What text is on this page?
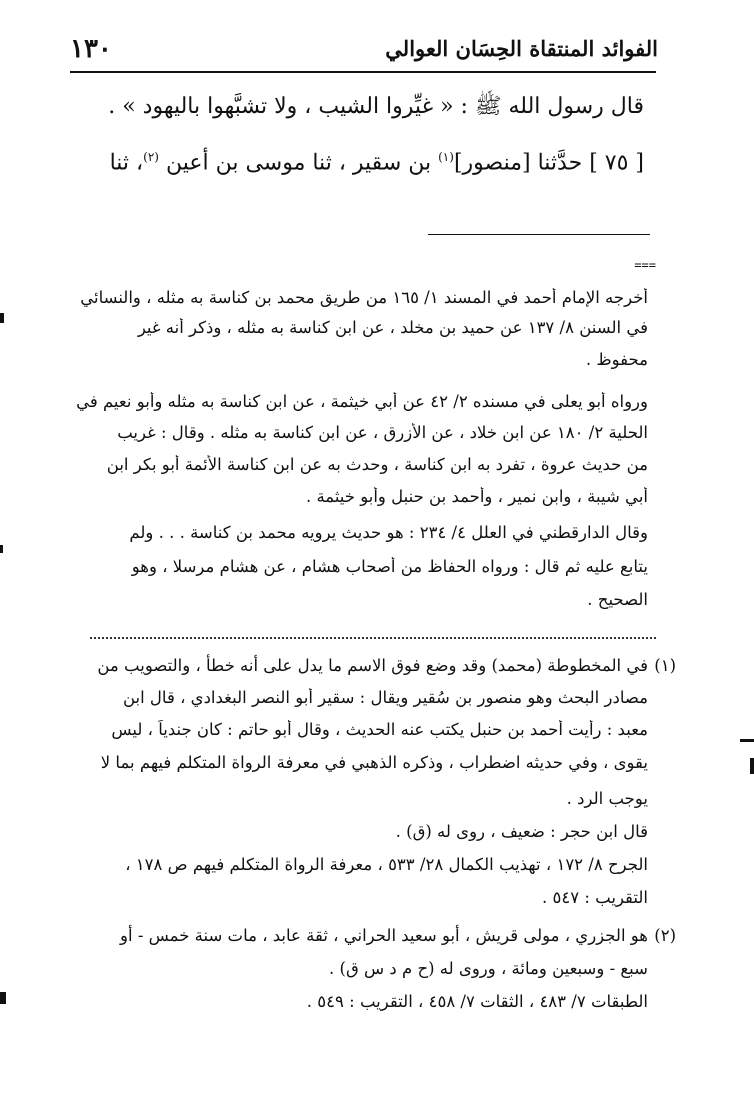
١٣٠	الفوائد المنتقاة الحِسَان العوالي
قال رسول الله ﷺ : « غيِّروا الشيب ، ولا تشبَّهوا باليهود » .
[ ٧٥ ] حدَّثنا [منصور]$^{(١)}$ بن سقير ، ثنا موسى بن أعين $^{(٢)}$، ثنا
===
أخرجه الإمام أحمد في المسند ١/ ١٦٥ من طريق محمد بن كناسة به مثله ، والنسائي
في السنن ٨/ ١٣٧ عن حميد بن مخلد ، عن ابن كناسة به مثله ، وذكر أنه غير
محفوظ .
ورواه أبو يعلى في مسنده ٢/ ٤٢ عن أبي خيثمة ، عن ابن كناسة به مثله وأبو نعيم في
الحلية ٢/ ١٨٠ عن ابن خلاد ، عن الأزرق ، عن ابن كناسة به مثله . وقال : غريب
من حديث عروة ، تفرد به ابن كناسة ، وحدث به عن ابن كناسة الأئمة أبو بكر ابن
أبي شيبة ، وابن نمير ، وأحمد بن حنبل وأبو خيثمة .
وقال الدارقطني في العلل ٤/ ٢٣٤ : هو حديث يرويه محمد بن كناسة . . . ولم
يتابع عليه ثم قال : ورواه الحفاظ من أصحاب هشام ، عن هشام مرسلا ، وهو
الصحيح .
(١)
في المخطوطة (محمد) وقد وضع فوق الاسم ما يدل على أنه خطأ ، والتصويب من
مصادر البحث وهو منصور بن سُقير ويقال : سقير أبو النصر البغدادي ، قال ابن
معبد : رأيت أحمد بن حنبل يكتب عنه الحديث ، وقال أبو حاتم : كان جندياً ، ليس
يقوى ، وفي حديثه اضطراب ، وذكره الذهبي في معرفة الرواة المتكلم فيهم بما لا
يوجب الرد .
قال ابن حجر : ضعيف ، روى له (ق) .
الجرح ٨/ ١٧٢ ، تهذيب الكمال ٢٨/ ٥٣٣ ، معرفة الرواة المتكلم فيهم ص ١٧٨ ،
التقريب : ٥٤٧ .
(٢)
هو الجزري ، مولى قريش ، أبو سعيد الحراني ، ثقة عابد ، مات سنة خمس - أو
سبع - وسبعين ومائة ، وروى له (ح م د س ق) .
الطبقات ٧/ ٤٨٣ ، الثقات ٧/ ٤٥٨ ، التقريب : ٥٤٩ .
